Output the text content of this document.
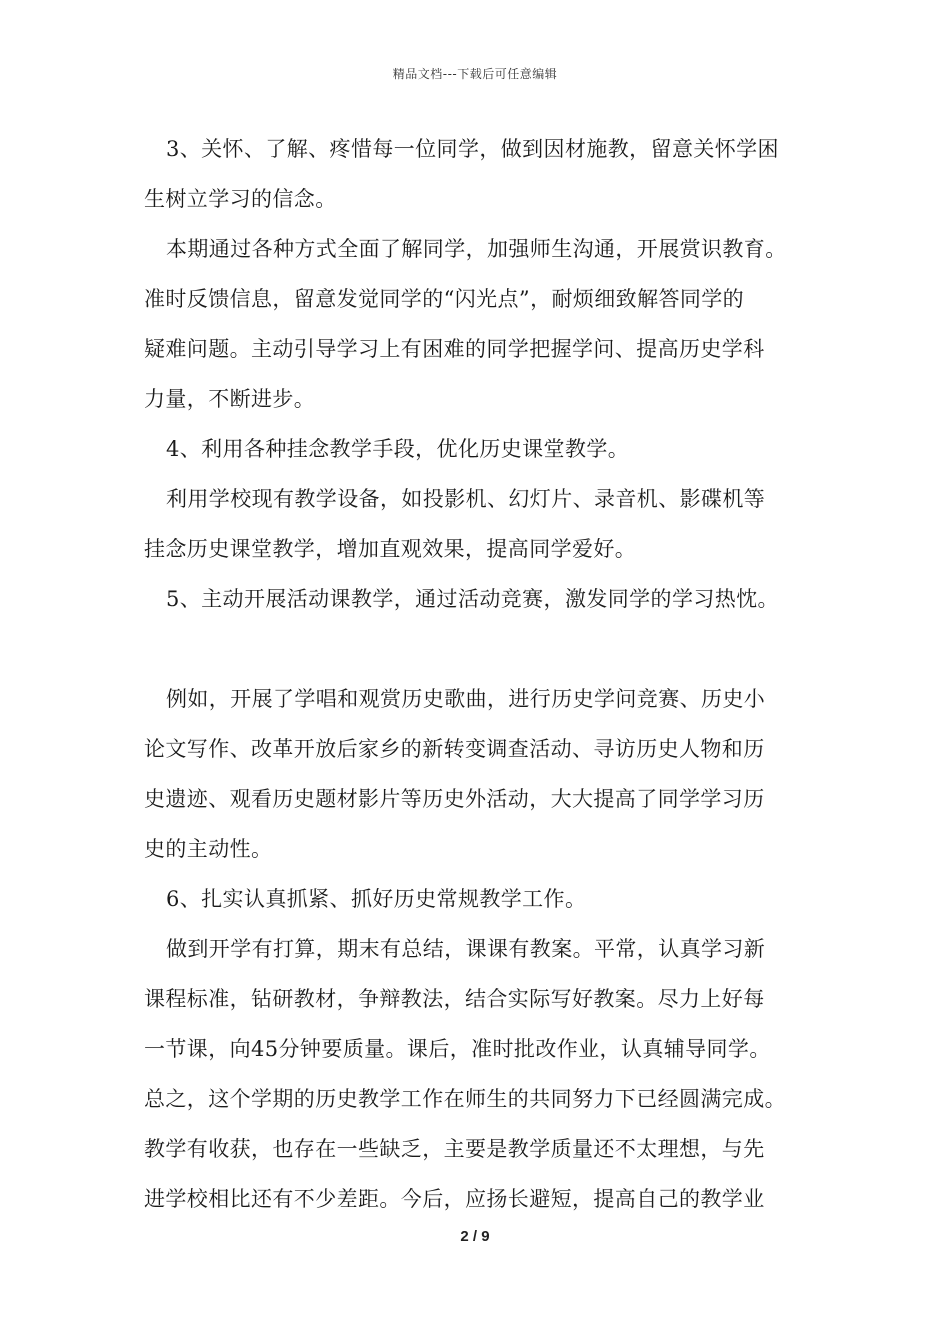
精品文档---下载后可任意编辑
3、关怀、了解、疼惜每一位同学，做到因材施教，留意关怀学困
生树立学习的信念。
本期通过各种方式全面了解同学，加强师生沟通，开展赏识教育。
准时反馈信息，留意发觉同学的“闪光点”，耐烦细致解答同学的
疑难问题。主动引导学习上有困难的同学把握学问、提高历史学科
力量，不断进步。
4、利用各种挂念教学手段，优化历史课堂教学。
利用学校现有教学设备，如投影机、幻灯片、录音机、影碟机等
挂念历史课堂教学，增加直观效果，提高同学爱好。
5、主动开展活动课教学，通过活动竞赛，激发同学的学习热忱。
例如，开展了学唱和观赏历史歌曲，进行历史学问竞赛、历史小
论文写作、改革开放后家乡的新转变调查活动、寻访历史人物和历
史遗迹、观看历史题材影片等历史外活动，大大提高了同学学习历
史的主动性。
6、扎实认真抓紧、抓好历史常规教学工作。
做到开学有打算，期末有总结，课课有教案。平常，认真学习新
课程标准，钻研教材，争辩教法，结合实际写好教案。尽力上好每
一节课，向45分钟要质量。课后，准时批改作业，认真辅导同学。
总之，这个学期的历史教学工作在师生的共同努力下已经圆满完成。
教学有收获，也存在一些缺乏，主要是教学质量还不太理想，与先
进学校相比还有不少差距。今后，应扬长避短，提高自己的教学业
2 / 9
